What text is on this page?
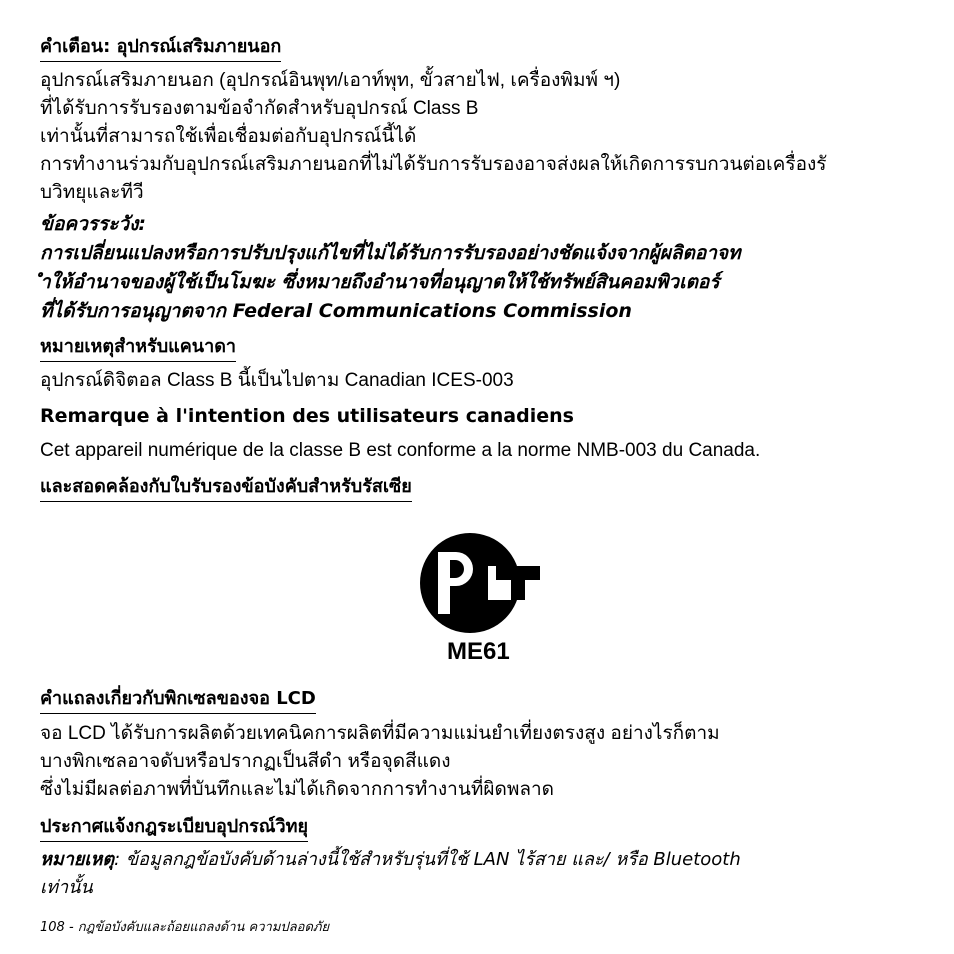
คำเตือน: อุปกรณ์เสริมภายนอก
อุปกรณ์เสริมภายนอก (อุปกรณ์อินพุท/เอาท์พุท, ขั้วสายไฟ, เครื่องพิมพ์ ฯ)
ที่ได้รับการรับรองตามข้อจำกัดสำหรับอุปกรณ์ Class B
เท่านั้นที่สามารถใช้เพื่อเชื่อมต่อกับอุปกรณ์นี้ได้
การทำงานร่วมกับอุปกรณ์เสริมภายนอกที่ไม่ได้รับการรับรองอาจส่งผลให้เกิดการรบกวนต่อเครื่องรั
บวิทยุและทีวี
ข้อควรระวัง:
การเปลี่ยนแปลงหรือการปรับปรุงแก้ไขที่ไม่ได้รับการรับรองอย่างชัดแจ้งจากผู้ผลิตอาจท
ำให้อำนาจของผู้ใช้เป็นโมฆะ ซึ่งหมายถึงอำนาจที่อนุญาตให้ใช้ทรัพย์สินคอมพิวเตอร์
ที่ได้รับการอนุญาตจาก Federal Communications Commission
หมายเหตุสำหรับแคนาดา
อุปกรณ์ดิจิตอล Class B นี้เป็นไปตาม Canadian ICES-003
Remarque à l'intention des utilisateurs canadiens
Cet appareil numérique de la classe B est conforme a la norme NMB-003 du Canada.
และสอดคล้องกับใบรับรองข้อบังคับสำหรับรัสเซีย
คำแถลงเกี่ยวกับพิกเซลของจอ LCD
จอ LCD ได้รับการผลิตด้วยเทคนิคการผลิตที่มีความแม่นยำเที่ยงตรงสูง อย่างไรก็ตาม
บางพิกเซลอาจดับหรือปรากฏเป็นสีดำ หรือจุดสีแดง
ซึ่งไม่มีผลต่อภาพที่บันทึกและไม่ได้เกิดจากการทำงานที่ผิดพลาด
ประกาศแจ้งกฎระเบียบอุปกรณ์วิทยุ
หมายเหตุ: ข้อมูลกฎข้อบังคับด้านล่างนี้ใช้สำหรับรุ่นที่ใช้ LAN ไร้สาย และ/ หรือ Bluetooth
เท่านั้น
ME61
108 - กฎข้อบังคับและถ้อยแถลงด้าน ความปลอดภัย
